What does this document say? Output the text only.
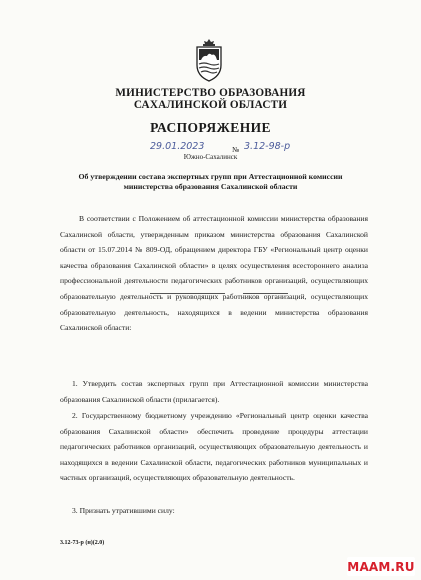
МИНИСТЕРСТВО ОБРАЗОВАНИЯ
САХАЛИНСКОЙ ОБЛАСТИ
РАСПОРЯЖЕНИЕ
29.01.2023	№ 3.12-98-р
Южно-Сахалинск
Об утверждении состава экспертных групп при Аттестационной комиссии министерства образования Сахалинской области

В соответствии с Положением об аттестационной комиссии министерства образования Сахалинской области, утвержденным приказом министерства образования Сахалинской области от 15.07.2014 № 809-ОД, обращением директора ГБУ «Региональный центр оценки качества образования Сахалинской области» в целях осуществления всестороннего анализа профессиональной деятельности педагогических работников организаций, осуществляющих образовательную деятельность и руководящих работников организаций, осуществляющих образовательную деятельность, находящихся в ведении министерства образования Сахалинской области:

1. Утвердить состав экспертных групп при Аттестационной комиссии министерства образования Сахалинской области (прилагается).

2. Государственному бюджетному учреждению «Региональный центр оценки качества образования Сахалинской области» обеспечить проведение процедуры аттестации педагогических работников организаций, осуществляющих образовательную деятельность и находящихся в ведении Сахалинской области, педагогических работников муниципальных и частных организаций, осуществляющих образовательную деятельность.

3. Признать утратившими силу:

3.12-73-р (н)(2.0)
MAAM.RU
